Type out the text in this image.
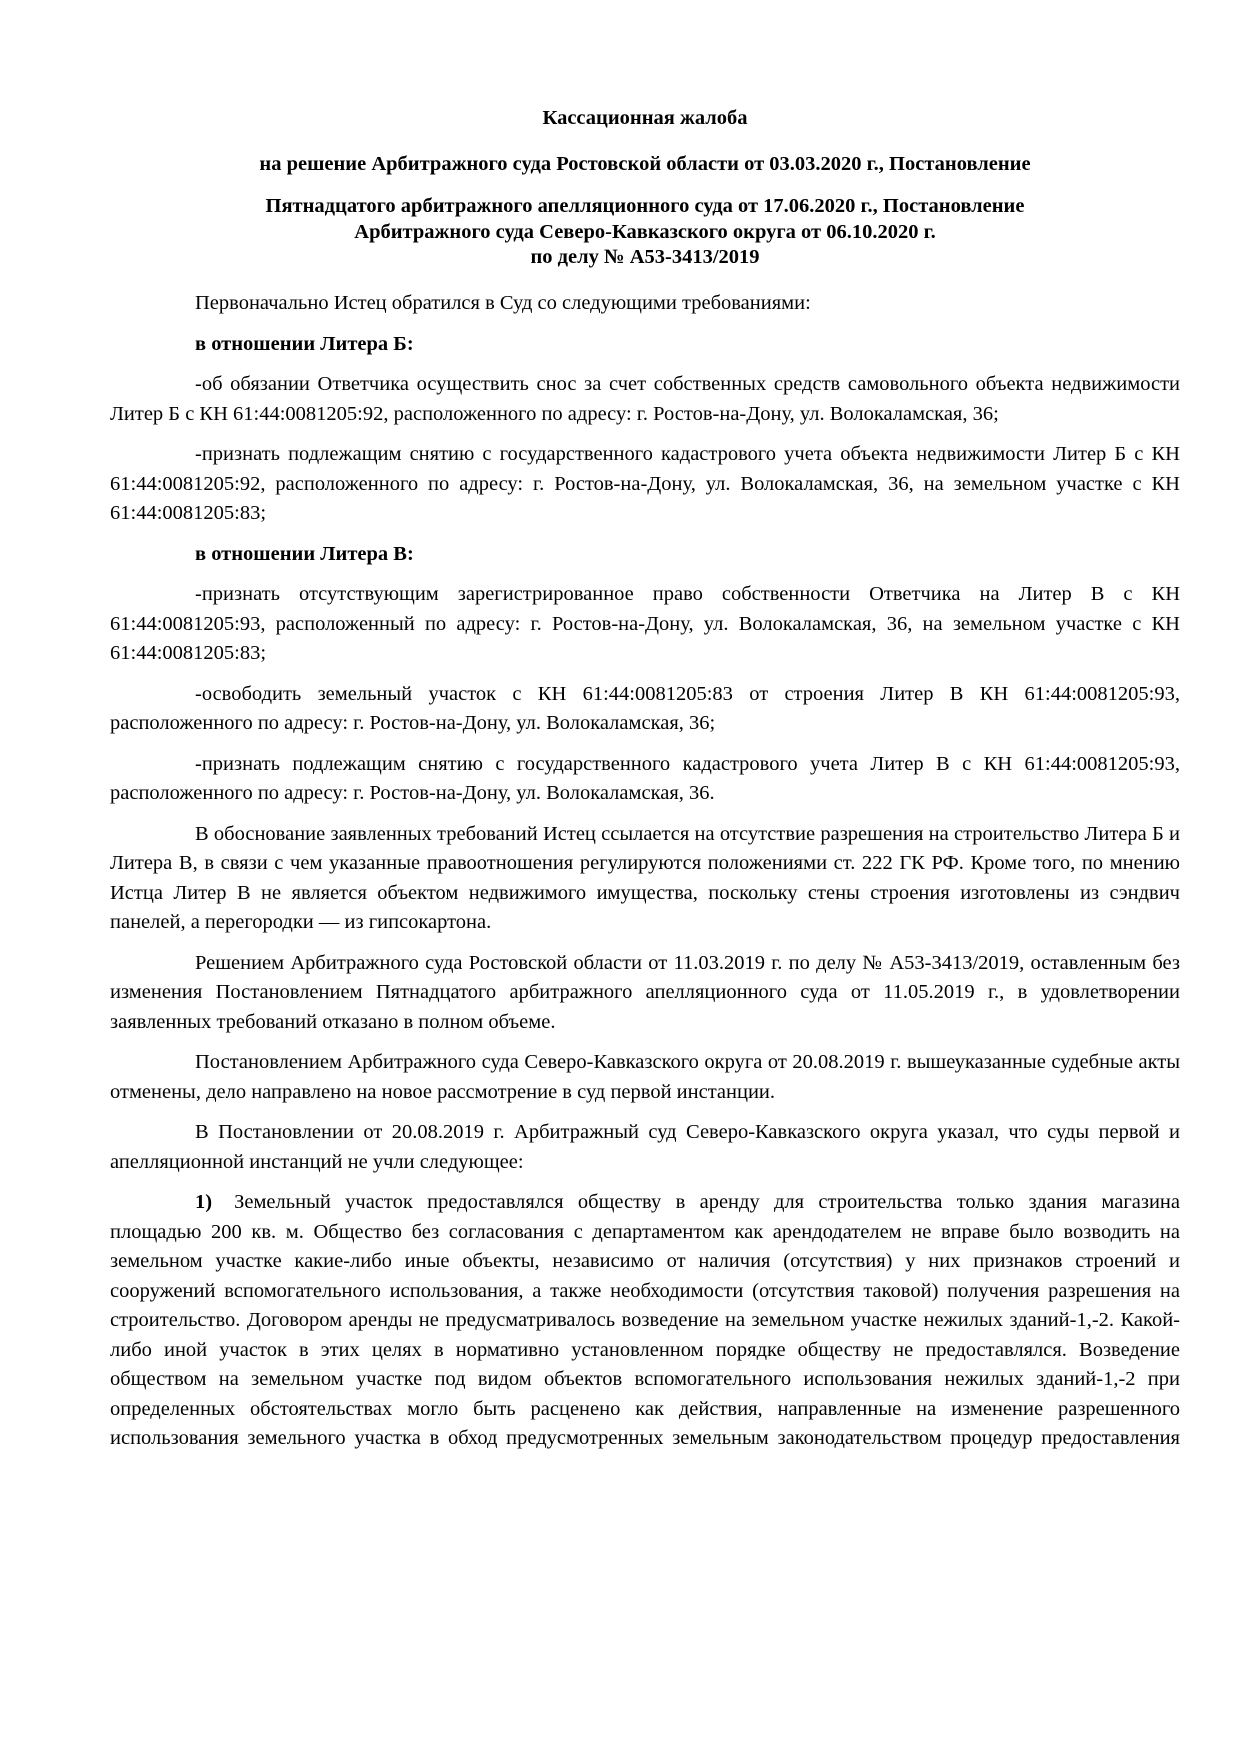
Кассационная жалоба
на решение Арбитражного суда Ростовской области от 03.03.2020 г., Постановление
Пятнадцатого арбитражного апелляционного суда от 17.06.2020 г., Постановление
Арбитражного суда Северо-Кавказского округа от 06.10.2020 г.
по делу № А53-3413/2019

Первоначально Истец обратился в Суд со следующими требованиями:

в отношении Литера Б:

-об обязании Ответчика осуществить снос за счет собственных средств самовольного объекта недвижимости Литер Б с КН 61:44:0081205:92, расположенного по адресу: г. Ростов-на-Дону, ул. Волокаламская, 36;

-признать подлежащим снятию с государственного кадастрового учета объекта недвижимости Литер Б с КН 61:44:0081205:92, расположенного по адресу: г. Ростов-на-Дону, ул. Волокаламская, 36, на земельном участке с КН 61:44:0081205:83;

в отношении Литера В:

-признать отсутствующим зарегистрированное право собственности Ответчика на Литер В с КН 61:44:0081205:93, расположенный по адресу: г. Ростов-на-Дону, ул. Волокаламская, 36, на земельном участке с КН 61:44:0081205:83;

-освободить земельный участок с КН 61:44:0081205:83 от строения Литер В КН 61:44:0081205:93, расположенного по адресу: г. Ростов-на-Дону, ул. Волокаламская, 36;

-признать подлежащим снятию с государственного кадастрового учета Литер В с КН 61:44:0081205:93, расположенного по адресу: г. Ростов-на-Дону, ул. Волокаламская, 36.

В обоснование заявленных требований Истец ссылается на отсутствие разрешения на строительство Литера Б и Литера В, в связи с чем указанные правоотношения регулируются положениями ст. 222 ГК РФ. Кроме того, по мнению Истца Литер В не является объектом недвижимого имущества, поскольку стены строения изготовлены из сэндвич панелей, а перегородки — из гипсокартона.

Решением Арбитражного суда Ростовской области от 11.03.2019 г. по делу № А53-3413/2019, оставленным без изменения Постановлением Пятнадцатого арбитражного апелляционного суда от 11.05.2019 г., в удовлетворении заявленных требований отказано в полном объеме.

Постановлением Арбитражного суда Северо-Кавказского округа от 20.08.2019 г. вышеуказанные судебные акты отменены, дело направлено на новое рассмотрение в суд первой инстанции.

В Постановлении от 20.08.2019 г. Арбитражный суд Северо-Кавказского округа указал, что суды первой и апелляционной инстанций не учли следующее:

1) Земельный участок предоставлялся обществу в аренду для строительства только здания магазина площадью 200 кв. м. Общество без согласования с департаментом как арендодателем не вправе было возводить на земельном участке какие-либо иные объекты, независимо от наличия (отсутствия) у них признаков строений и сооружений вспомогательного использования, а также необходимости (отсутствия таковой) получения разрешения на строительство. Договором аренды не предусматривалось возведение на земельном участке нежилых зданий-1,-2. Какой-либо иной участок в этих целях в нормативно установленном порядке обществу не предоставлялся. Возведение обществом на земельном участке под видом объектов вспомогательного использования нежилых зданий-1,-2 при определенных обстоятельствах могло быть расценено как действия, направленные на изменение разрешенного использования земельного участка в обход предусмотренных земельным законодательством процедур предоставления
